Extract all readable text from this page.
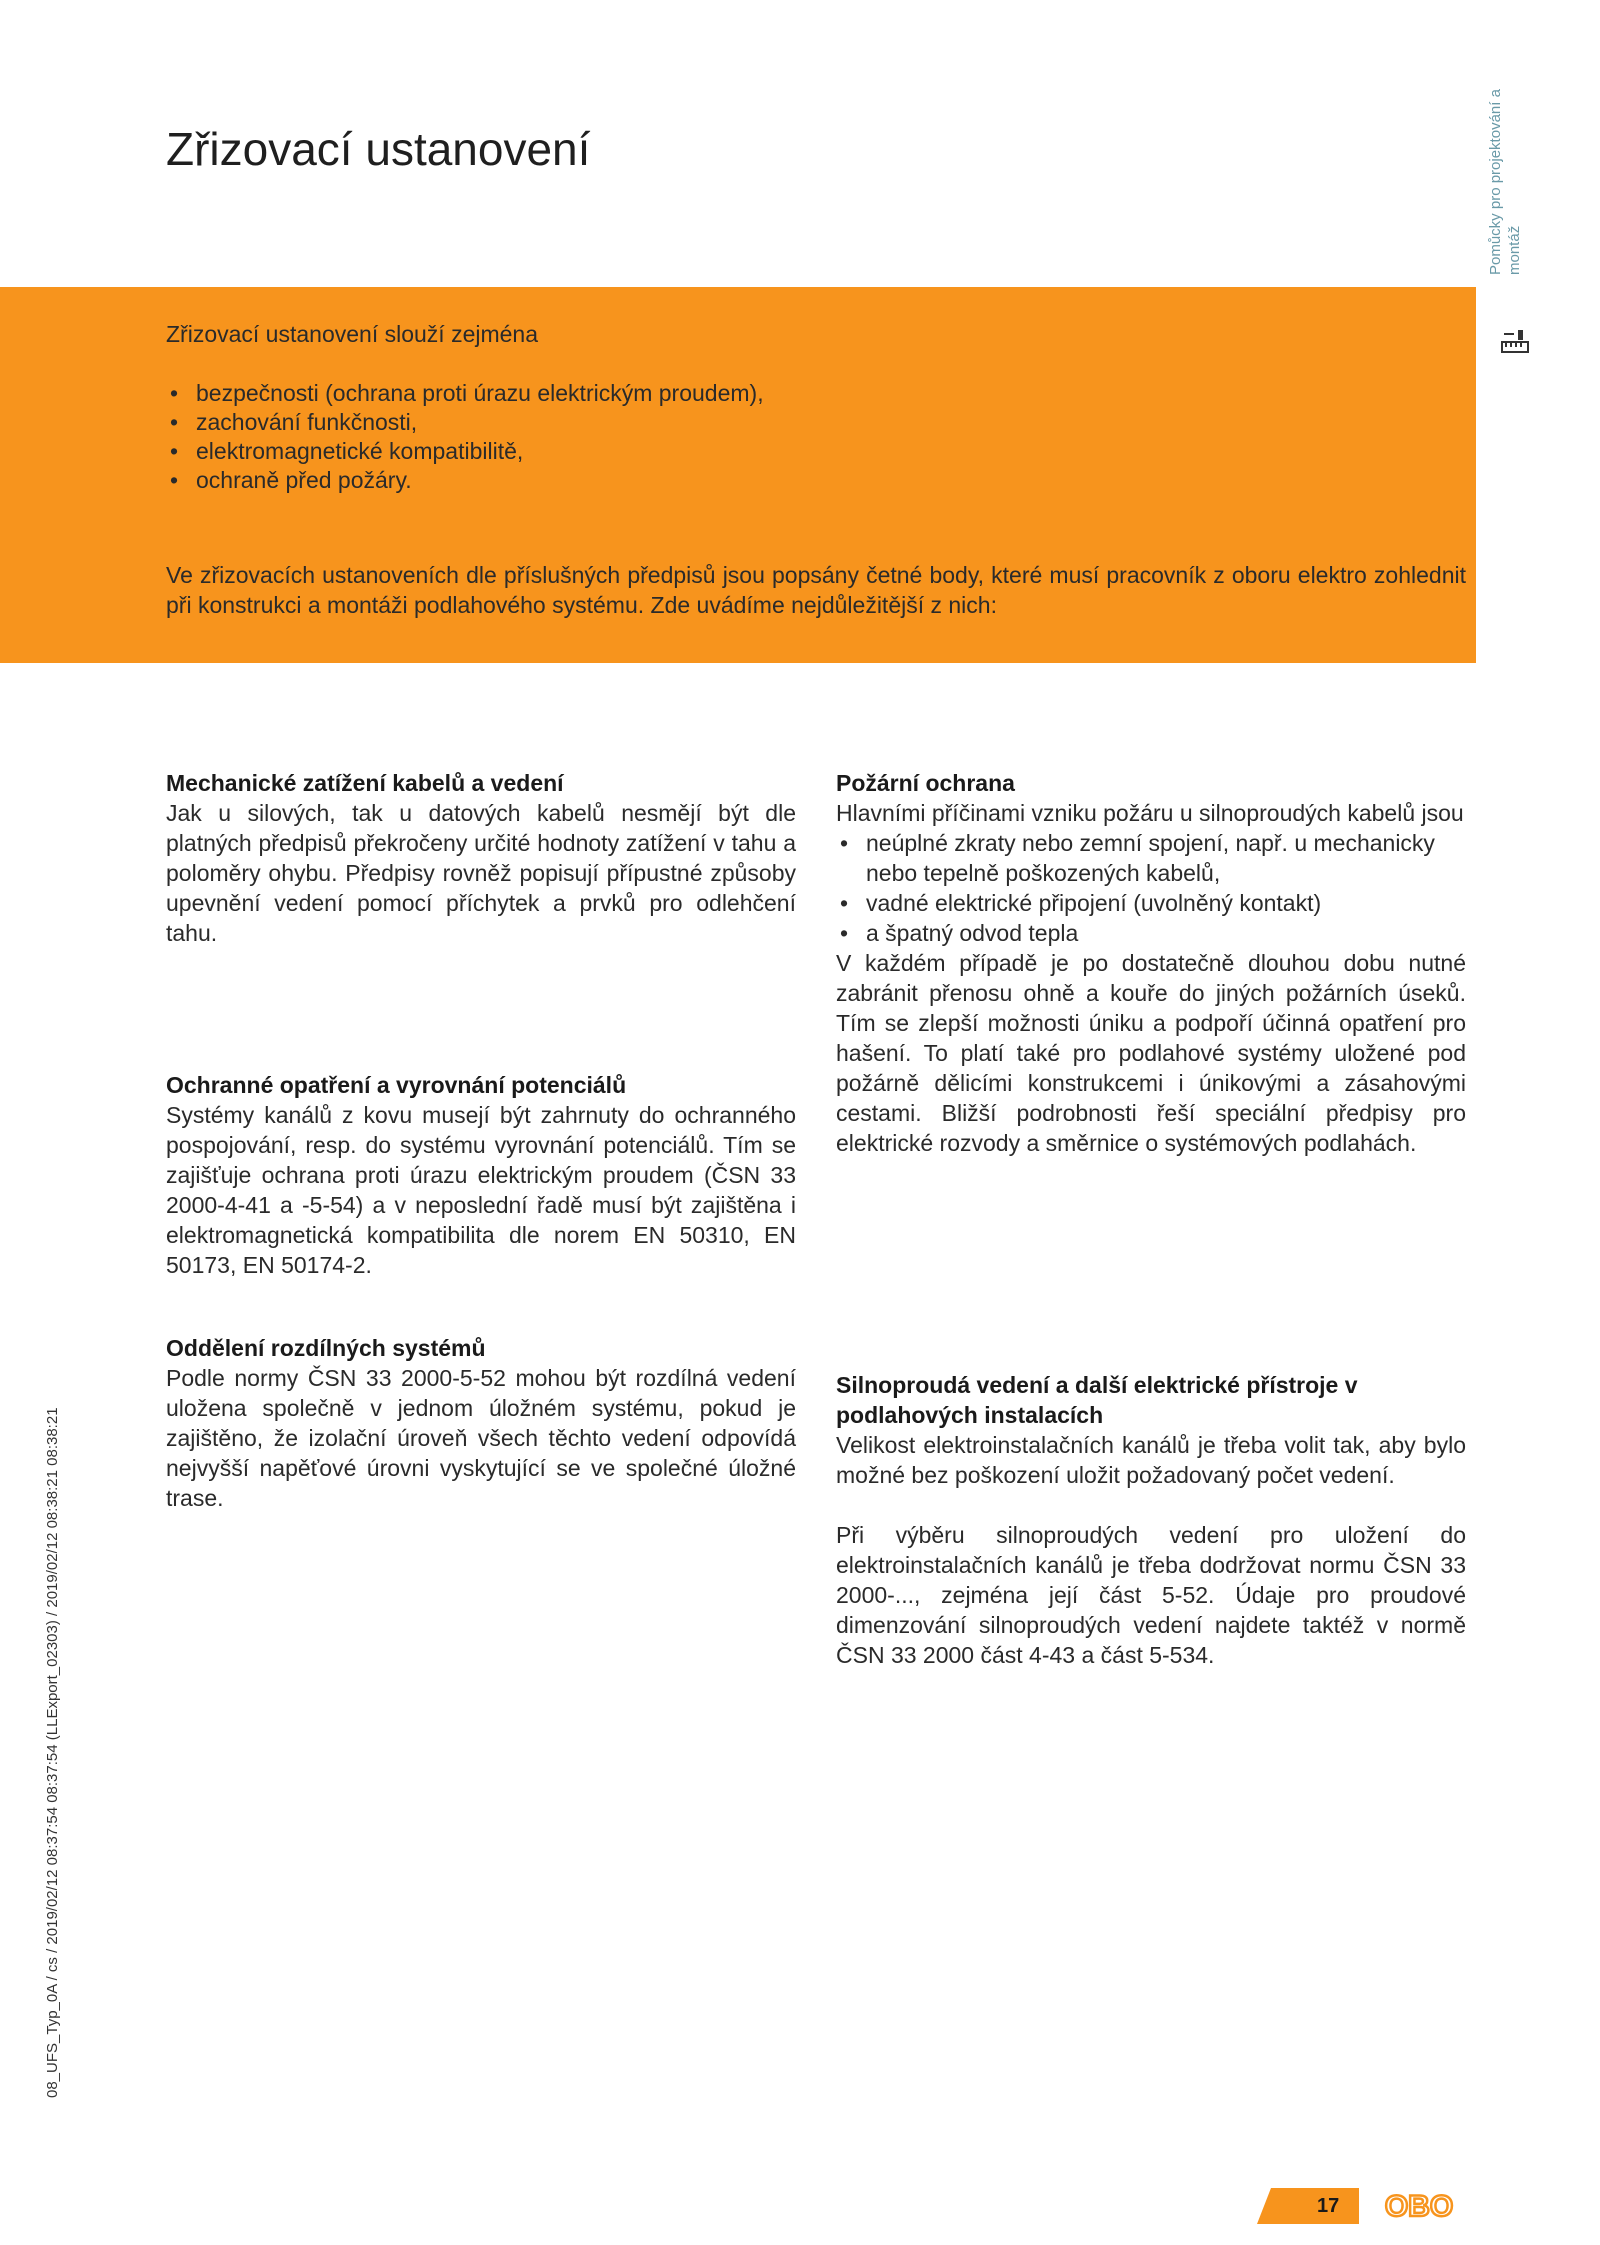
Zřizovací ustanovení	Pomůcky pro projektování a montáž
Zřizovací ustanovení slouží zejména
• bezpečnosti (ochrana proti úrazu elektrickým proudem),
• zachování funkčnosti,
• elektromagnetické kompatibilitě,
• ochraně před požáry.
Ve zřizovacích ustanoveních dle příslušných předpisů jsou popsány četné body, které musí pracovník z oboru elektro zohlednit při konstrukci a montáži podlahového systému. Zde uvádíme nejdůležitější z nich:
Mechanické zatížení kabelů a vedení

Jak u silových, tak u datových kabelů nesmějí být dle platných předpisů překročeny určité hodnoty zatížení v tahu a poloměry ohybu. Předpisy rovněž popisují přípustné způsoby upevnění vedení pomocí příchytek a prvků pro odlehčení tahu.

Ochranné opatření a vyrovnání potenciálů

Systémy kanálů z kovu musejí být zahrnuty do ochranného pospojování, resp. do systému vyrovnání potenciálů. Tím se zajišťuje ochrana proti úrazu elektrickým proudem (ČSN 33 2000-4-41 a -5-54) a v neposlední řadě musí být zajištěna i elektromagnetická kompatibilita dle norem EN 50310, EN 50173, EN 50174-2.

Oddělení rozdílných systémů

Podle normy ČSN 33 2000-5-52 mohou být rozdílná vedení uložena společně v jednom úložném systému, pokud je zajištěno, že izolační úroveň všech těchto vedení odpovídá nejvyšší napěťové úrovni vyskytující se ve společné úložné trase.

Požární ochrana

Hlavními příčinami vzniku požáru u silnoproudých kabelů jsou

• neúplné zkraty nebo zemní spojení, např. u mechanicky nebo tepelně poškozených kabelů,
• vadné elektrické připojení (uvolněný kontakt)
• a špatný odvod tepla

V každém případě je po dostatečně dlouhou dobu nutné zabránit přenosu ohně a kouře do jiných požárních úseků. Tím se zlepší možnosti úniku a podpoří účinná opatření pro hašení. To platí také pro podlahové systémy uložené pod požárně dělicími konstrukcemi i únikovými a zásahovými cestami. Bližší podrobnosti řeší speciální předpisy pro elektrické rozvody a směrnice o systémových podlahách.

Silnoproudá vedení a další elektrické přístroje v podlahových instalacích

Velikost elektroinstalačních kanálů je třeba volit tak, aby bylo možné bez poškození uložit požadovaný počet vedení.

Při výběru silnoproudých vedení pro uložení do elektroinstalačních kanálů je třeba dodržovat normu ČSN 33 2000-..., zejména její část 5-52. Údaje pro proudové dimenzování silnoproudých vedení najdete taktéž v normě ČSN 33 2000 část 4-43 a část 5-534.

08_UFS_Typ_0A / cs / 2019/02/12 08:37:54 08:37:54 (LLExport_02303) / 2019/02/12 08:38:21 08:38:21
17 OBO
